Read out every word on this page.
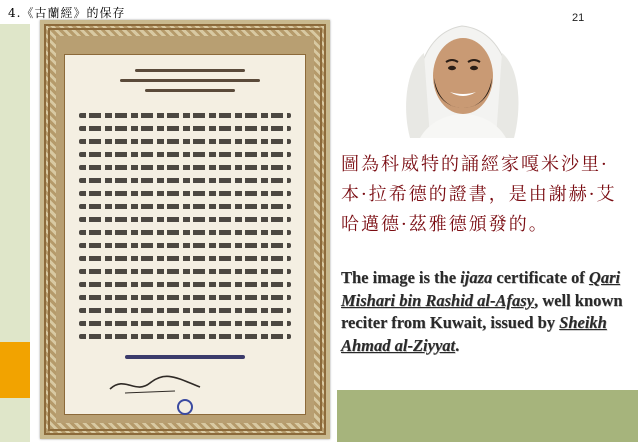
4.《古蘭經》的保存	21
圖為科威特的誦經家嘎米沙里·本·拉希德的證書，是由謝赫·艾哈邁德·茲雅德頒發的。
The image is the ijaza certificate of Qari Mishari bin Rashid al-Afasy, well known reciter from Kuwait, issued by Sheikh Ahmad al-Ziyyat.
